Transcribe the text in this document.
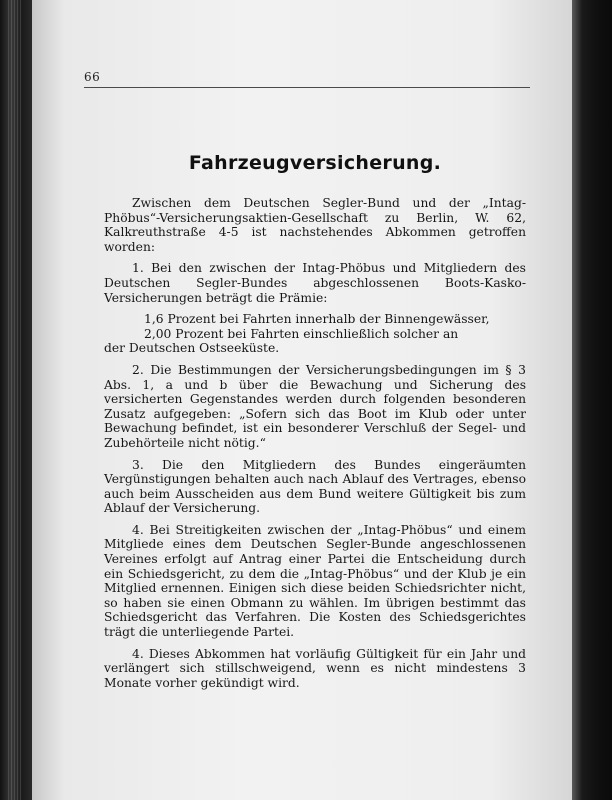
66
Fahrzeugversicherung.

Zwischen dem Deutschen Segler-Bund und der „Intag-Phöbus“-Versicherungsaktien-Gesellschaft zu Berlin, W. 62, Kalkreuthstraße 4-5 ist nachstehendes Abkommen getroffen worden:

1. Bei den zwischen der Intag-Phöbus und Mitgliedern des Deutschen Segler-Bundes abgeschlossenen Boots-Kasko-Versicherungen beträgt die Prämie:

1,6 Prozent bei Fahrten innerhalb der Binnengewässer,

2,00 Prozent bei Fahrten einschließlich solcher an

der Deutschen Ostseeküste.

2. Die Bestimmungen der Versicherungsbedingungen im § 3 Abs. 1, a und b über die Bewachung und Sicherung des versicherten Gegenstandes werden durch folgenden besonderen Zusatz aufgegeben: „Sofern sich das Boot im Klub oder unter Bewachung befindet, ist ein besonderer Verschluß der Segel- und Zubehörteile nicht nötig.“

3. Die den Mitgliedern des Bundes eingeräumten Vergünstigungen behalten auch nach Ablauf des Vertrages, ebenso auch beim Ausscheiden aus dem Bund weitere Gültigkeit bis zum Ablauf der Versicherung.

4. Bei Streitigkeiten zwischen der „Intag-Phöbus“ und einem Mitgliede eines dem Deutschen Segler-Bunde angeschlossenen Vereines erfolgt auf Antrag einer Partei die Entscheidung durch ein Schiedsgericht, zu dem die „Intag-Phöbus“ und der Klub je ein Mitglied ernennen. Einigen sich diese beiden Schiedsrichter nicht, so haben sie einen Obmann zu wählen. Im übrigen bestimmt das Schiedsgericht das Verfahren. Die Kosten des Schiedsgerichtes trägt die unterliegende Partei.

4. Dieses Abkommen hat vorläufig Gültigkeit für ein Jahr und verlängert sich stillschweigend, wenn es nicht mindestens 3 Monate vorher gekündigt wird.
